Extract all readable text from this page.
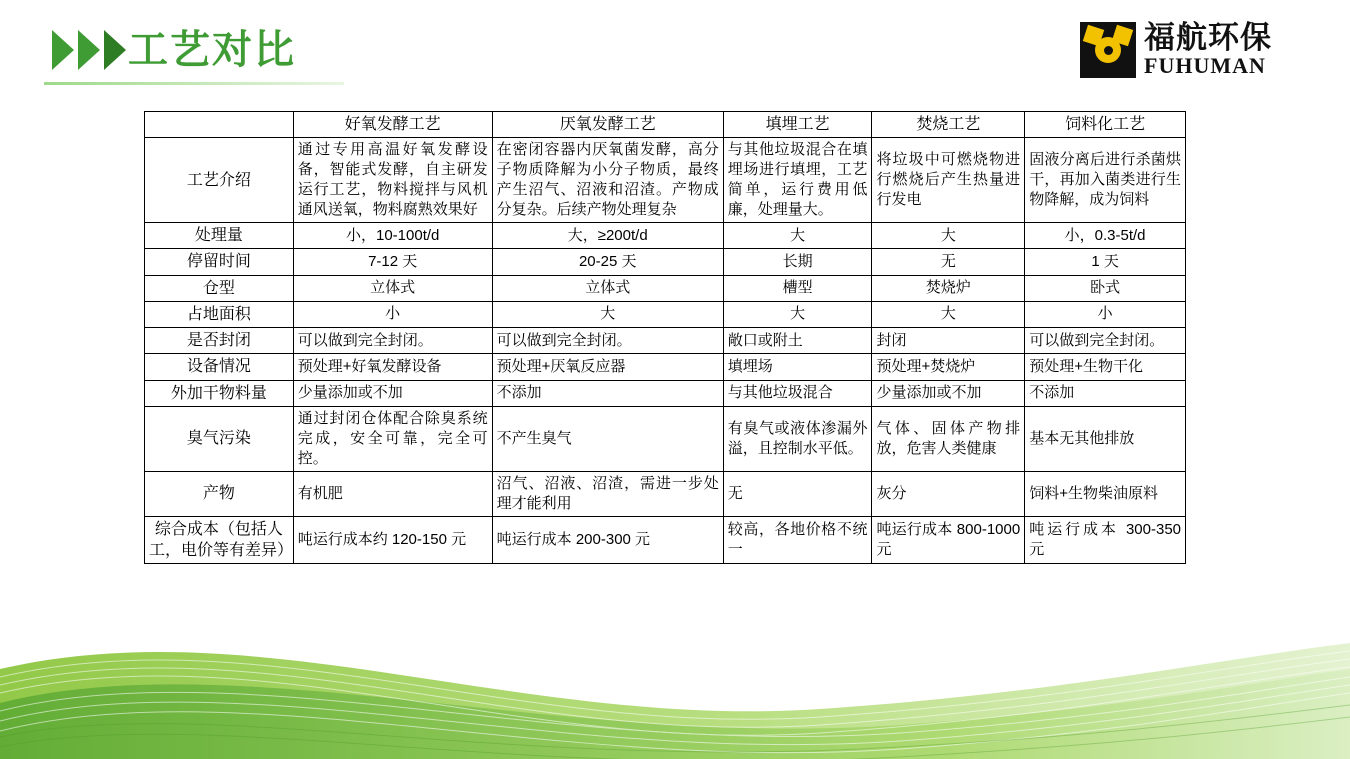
工艺对比	福航环保
FUHUMAN
	好氧发酵工艺	厌氧发酵工艺	填埋工艺	焚烧工艺	饲料化工艺
工艺介绍	通过专用高温好氧发酵设备，智能式发酵，自主研发运行工艺，物料搅拌与风机通风送氧，物料腐熟效果好	在密闭容器内厌氧菌发酵，高分子物质降解为小分子物质，最终产生沼气、沼液和沼渣。产物成分复杂。后续产物处理复杂	与其他垃圾混合在填埋场进行填埋，工艺简单，运行费用低廉，处理量大。	将垃圾中可燃烧物进行燃烧后产生热量进行发电	固液分离后进行杀菌烘干，再加入菌类进行生物降解，成为饲料
处理量	小，10-100t/d	大，≥200t/d	大	大	小，0.3-5t/d
停留时间	7-12 天	20-25 天	长期	无	1 天
仓型	立体式	立体式	槽型	焚烧炉	卧式
占地面积	小	大	大	大	小
是否封闭	可以做到完全封闭。	可以做到完全封闭。	敞口或附土	封闭	可以做到完全封闭。
设备情况	预处理+好氧发酵设备	预处理+厌氧反应器	填埋场	预处理+焚烧炉	预处理+生物干化
外加干物料量	少量添加或不加	不添加	与其他垃圾混合	少量添加或不加	不添加
臭气污染	通过封闭仓体配合除臭系统完成，安全可靠，完全可控。	不产生臭气	有臭气或液体渗漏外溢，且控制水平低。	气体、固体产物排放，危害人类健康	基本无其他排放
产物	有机肥	沼气、沼液、沼渣，需进一步处理才能利用	无	灰分	饲料+生物柴油原料
综合成本（包括人工，电价等有差异）	吨运行成本约 120-150 元	吨运行成本 200-300 元	较高，各地价格不统一	吨运行成本 800-1000 元	吨运行成本 300-350 元
